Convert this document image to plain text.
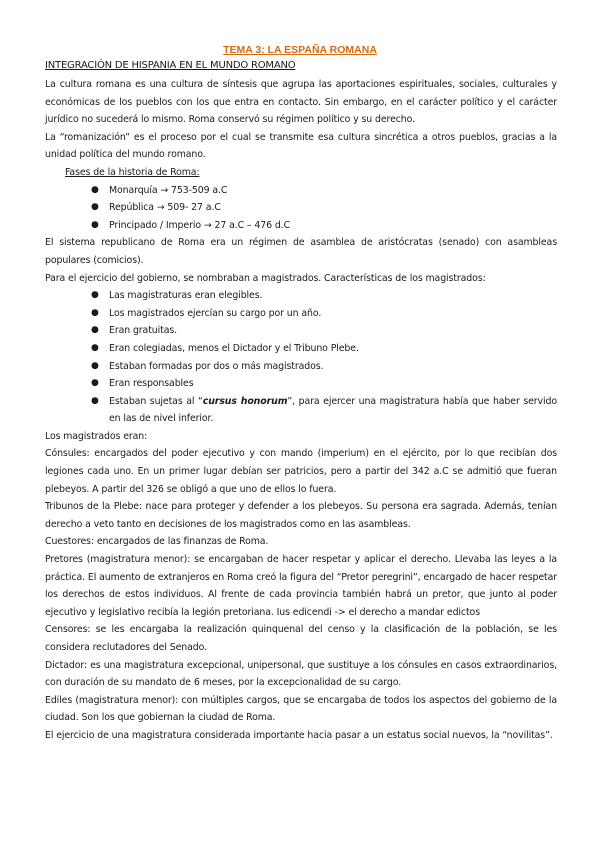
TEMA 3: LA ESPAÑA ROMANA
INTEGRACIÓN DE HISPANIA EN EL MUNDO ROMANO

La cultura romana es una cultura de síntesis que agrupa las aportaciones espirituales, sociales, culturales y económicas de los pueblos con los que entra en contacto. Sin embargo, en el carácter político y el carácter jurídico no sucederá lo mismo. Roma conservó su régimen político y su derecho.

La “romanización” es el proceso por el cual se transmite esa cultura sincrética a otros pueblos, gracias a la unidad política del mundo romano.

Fases de la historia de Roma:

● Monarquía → 753-509 a.C
● República → 509- 27 a.C
● Principado / Imperio → 27 a.C – 476 d.C

El sistema republicano de Roma era un régimen de asamblea de aristócratas (senado) con asambleas populares (comicios).

Para el ejercicio del gobierno, se nombraban a magistrados. Características de los magistrados:

● Las magistraturas eran elegibles.
● Los magistrados ejercían su cargo por un año.
● Eran gratuitas.
● Eran colegiadas, menos el Dictador y el Tribuno Plebe.
● Estaban formadas por dos o más magistrados.
● Eran responsables
● Estaban sujetas al “cursus honorum”, para ejercer una magistratura había que haber servido en las de nivel inferior.

Los magistrados eran:

Cónsules: encargados del poder ejecutivo y con mando (imperium) en el ejército, por lo que recibían dos legiones cada uno. En un primer lugar debían ser patricios, pero a partir del 342 a.C se admitió que fueran plebeyos. A partir del 326 se obligó a que uno de ellos lo fuera.

Tribunos de la Plebe: nace para proteger y defender a los plebeyos. Su persona era sagrada. Además, tenían derecho a veto tanto en decisiones de los magistrados como en las asambleas.

Cuestores: encargados de las finanzas de Roma.

Pretores (magistratura menor): se encargaban de hacer respetar y aplicar el derecho. Llevaba las leyes a la práctica. El aumento de extranjeros en Roma creó la figura del “Pretor peregrini”, encargado de hacer respetar los derechos de estos individuos. Al frente de cada provincia también habrá un pretor, que junto al poder ejecutivo y legislativo recibía la legión pretoriana. Ius edicendi -> el derecho a mandar edictos

Censores: se les encargaba la realización quinquenal del censo y la clasificación de la población, se les considera reclutadores del Senado.

Dictador: es una magistratura excepcional, unipersonal, que sustituye a los cónsules en casos extraordinarios, con duración de su mandato de 6 meses, por la excepcionalidad de su cargo.

Ediles (magistratura menor): con múltiples cargos, que se encargaba de todos los aspectos del gobierno de la ciudad. Son los que gobiernan la ciudad de Roma.

El ejercicio de una magistratura considerada importante hacia pasar a un estatus social nuevos, la “novilitas”.
